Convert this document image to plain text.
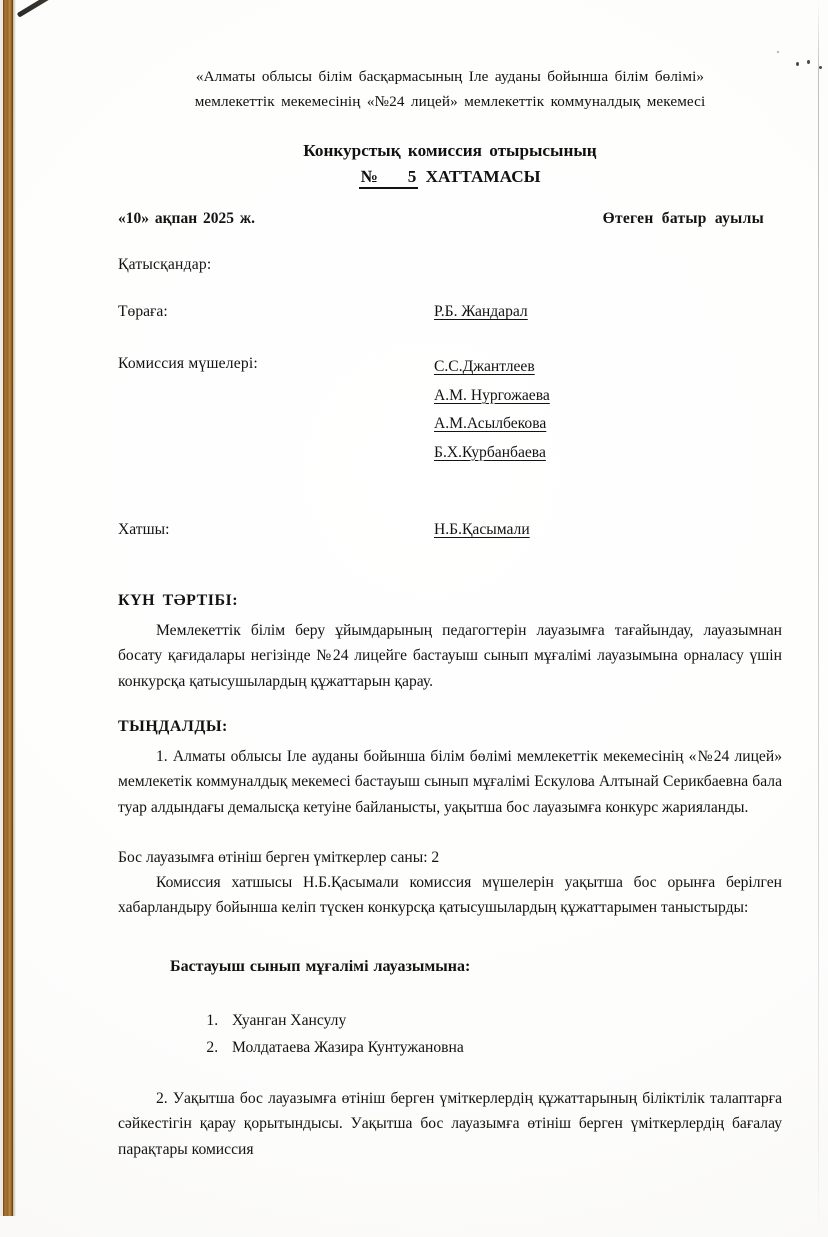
«Алматы облысы білім басқармасының Іле ауданы бойынша білім бөлімі»
мемлекеттік мекемесінің «№24 лицей» мемлекеттік коммуналдық мекемесі
Конкурстық комиссия отырысының
№ 5 ХАТТАМАСЫ
«10» ақпан 2025 ж.	Өтеген батыр ауылы
Қатысқандар:
Төраға:	Р.Б. Жандарал
Комиссия мүшелері:	С.С.Джантлеев
А.М. Нургожаева
А.М.Асылбекова
Б.Х.Курбанбаева
Хатшы:	Н.Б.Қасымали
КҮН ТӘРТІБІ:
Мемлекеттік білім беру ұйымдарының педагогтерін лауазымға тағайындау, лауазымнан босату қағидалары негізінде №24 лицейге бастауыш сынып мұғалімі лауазымына орналасу үшін конкурсқа қатысушылардың құжаттарын қарау.
ТЫҢДАЛДЫ:
1. Алматы облысы Іле ауданы бойынша білім бөлімі мемлекеттік мекемесінің «№24 лицей» мемлекетік коммуналдық мекемесі бастауыш сынып мұғалімі Ескулова Алтынай Серикбаевна бала туар алдындағы демалысқа кетуіне байланысты, уақытша бос лауазымға конкурс жарияланды.
Бос лауазымға өтініш берген үміткерлер саны: 2
Комиссия хатшысы Н.Б.Қасымали комиссия мүшелерін уақытша бос орынға берілген хабарландыру бойынша келіп түскен конкурсқа қатысушылардың құжаттарымен таныстырды:
Бастауыш сынып мұғалімі лауазымына:
1. Хуанган Хансулу
2. Молдатаева Жазира Кунтужановна
2. Уақытша бос лауазымға өтініш берген үміткерлердің құжаттарының біліктілік талаптарға сәйкестігін қарау қорытындысы. Уақытша бос лауазымға өтініш берген үміткерлердің бағалау парақтары комиссия
